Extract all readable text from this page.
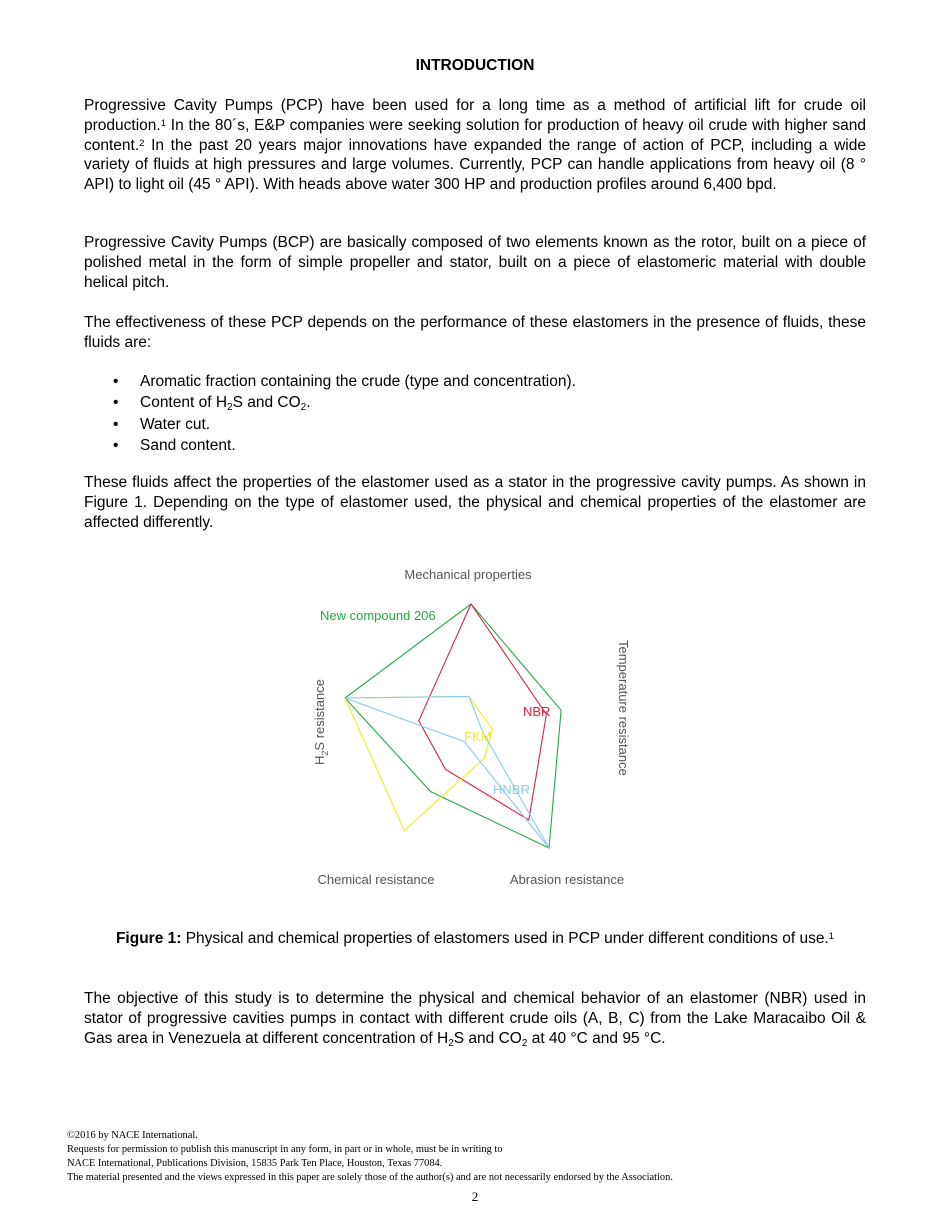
INTRODUCTION

Progressive Cavity Pumps (PCP) have been used for a long time as a method of artificial lift for crude oil production.$^1$ In the 80´s, E&P companies were seeking solution for production of heavy oil crude with higher sand content.$^2$ In the past 20 years major innovations have expanded the range of action of PCP, including a wide variety of fluids at high pressures and large volumes. Currently, PCP can handle applications from heavy oil (8 ° API) to light oil (45 ° API). With heads above water 300 HP and production profiles around 6,400 bpd.

Progressive Cavity Pumps (BCP) are basically composed of two elements known as the rotor, built on a piece of polished metal in the form of simple propeller and stator, built on a piece of elastomeric material with double helical pitch.

The effectiveness of these PCP depends on the performance of these elastomers in the presence of fluids, these fluids are:

• Aromatic fraction containing the crude (type and concentration).
• Content of $H_2S$ and $CO_2$.
• Water cut.
• Sand content.

These fluids affect the properties of the elastomer used as a stator in the progressive cavity pumps. As shown in Figure 1. Depending on the type of elastomer used, the physical and chemical properties of the elastomer are affected differently.

Mechanical properties
Temperature resistance
Abrasion resistance
Chemical resistance
$H_2S$ resistance
New compound 206
NBR
FKM
HNBR

Figure 1: Physical and chemical properties of elastomers used in PCP under different conditions of use.$^1$

The objective of this study is to determine the physical and chemical behavior of an elastomer (NBR) used in stator of progressive cavities pumps in contact with different crude oils (A, B, C) from the Lake Maracaibo Oil & Gas area in Venezuela at different concentration of $H_2S$ and $CO_2$ at 40 °C and 95 °C.

©2016 by NACE International.
Requests for permission to publish this manuscript in any form, in part or in whole, must be in writing to
NACE International, Publications Division, 15835 Park Ten Place, Houston, Texas 77084.
The material presented and the views expressed in this paper are solely those of the author(s) and are not necessarily endorsed by the Association.
2
